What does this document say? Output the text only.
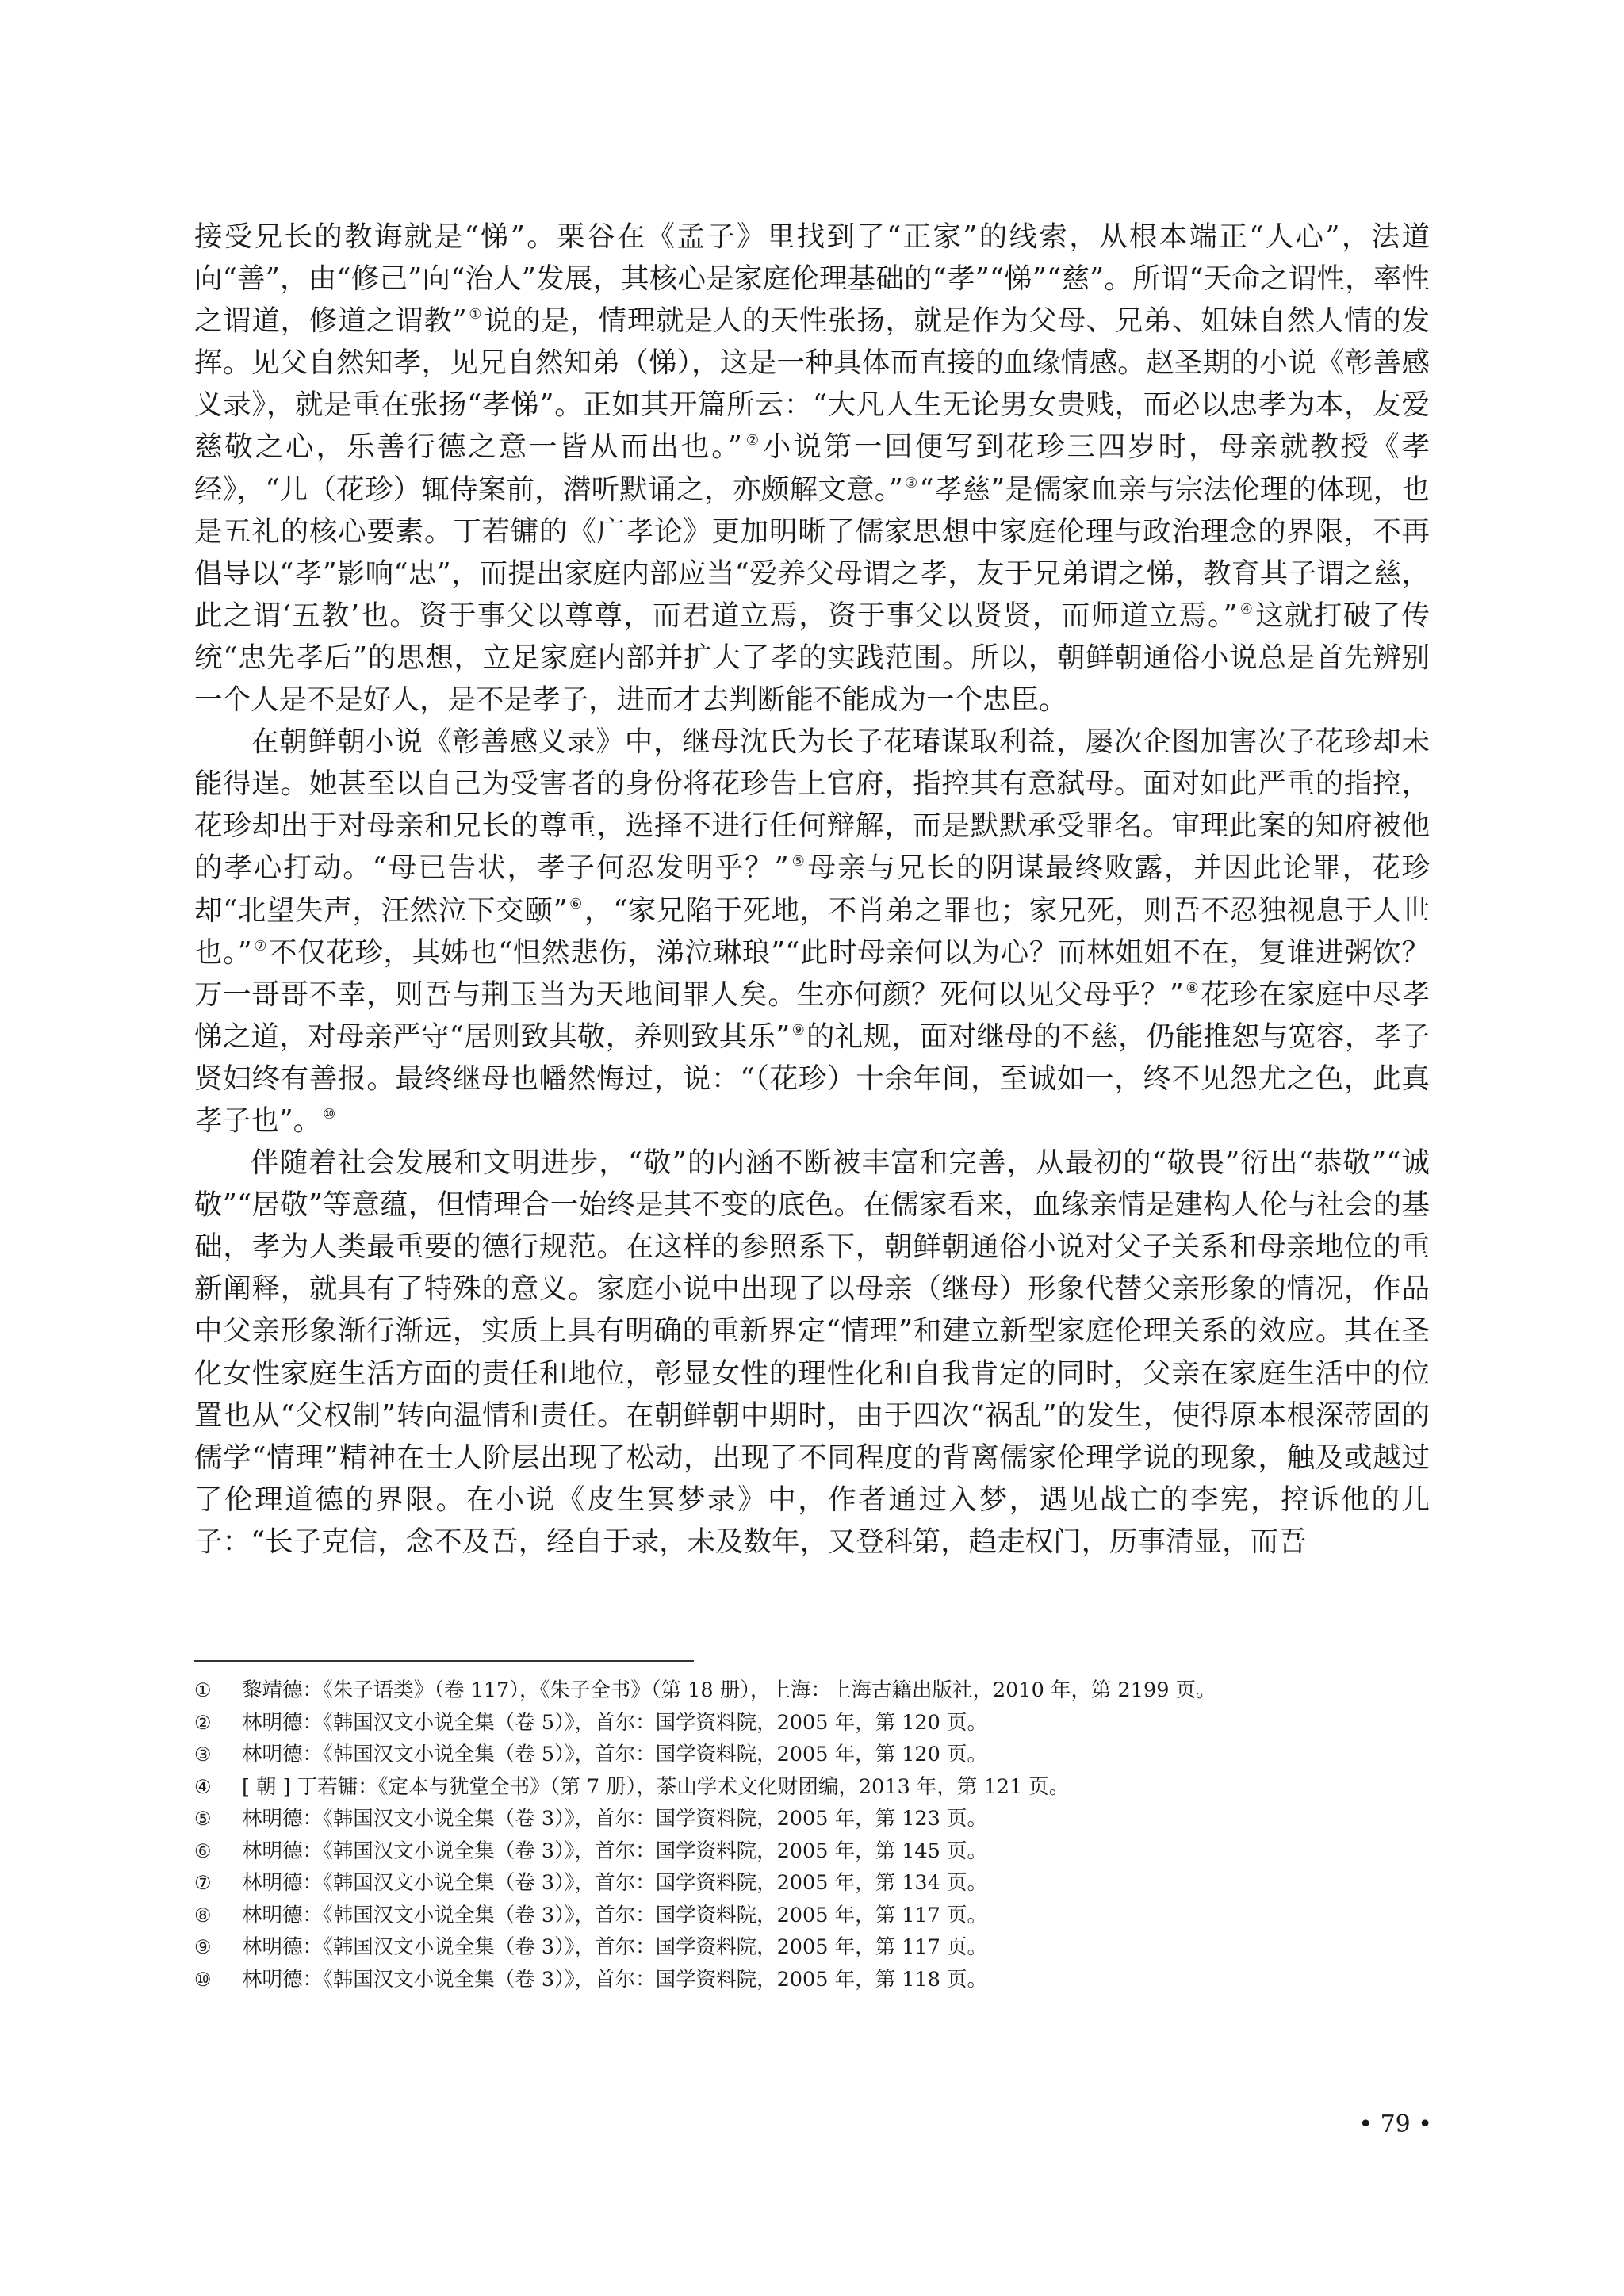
接受兄长的教诲就是“悌”。栗谷在《孟子》里找到了“正家”的线索，从根本端正“人心”，法道向“善”，由“修己”向“治人”发展，其核心是家庭伦理基础的“孝”“悌”“慈”。所谓“天命之谓性，率性之谓道，修道之谓教” ①说的是，情理就是人的天性张扬，就是作为父母、兄弟、姐妹自然人情的发挥。见父自然知孝，见兄自然知弟（悌），这是一种具体而直接的血缘情感。赵圣期的小说《彰善感义录》，就是重在张扬“孝悌”。正如其开篇所云：“大凡人生无论男女贵贱，而必以忠孝为本，友爱慈敬之心，乐善行德之意一皆从而出也。” ②小说第一回便写到花珍三四岁时，母亲就教授《孝经》，“儿（花珍）辄侍案前，潜听默诵之，亦颇解文意。” ③“孝慈”是儒家血亲与宗法伦理的体现，也是五礼的核心要素。丁若镛的《广孝论》更加明晰了儒家思想中家庭伦理与政治理念的界限，不再倡导以“孝”影响“忠”，而提出家庭内部应当“爱养父母谓之孝，友于兄弟谓之悌，教育其子谓之慈，此之谓‘五教’也。资于事父以尊尊，而君道立焉，资于事父以贤贤，而师道立焉。” ④这就打破了传统“忠先孝后”的思想，立足家庭内部并扩大了孝的实践范围。所以，朝鲜朝通俗小说总是首先辨别一个人是不是好人，是不是孝子，进而才去判断能不能成为一个忠臣。

在朝鲜朝小说《彰善感义录》中，继母沈氏为长子花瑃谋取利益，屡次企图加害次子花珍却未能得逞。她甚至以自己为受害者的身份将花珍告上官府，指控其有意弑母。面对如此严重的指控，花珍却出于对母亲和兄长的尊重，选择不进行任何辩解，而是默默承受罪名。审理此案的知府被他的孝心打动。“母已告状，孝子何忍发明乎？” ⑤母亲与兄长的阴谋最终败露，并因此论罪，花珍却“北望失声，汪然泣下交颐” ⑥，“家兄陷于死地，不肖弟之罪也；家兄死，则吾不忍独视息于人世也。” ⑦不仅花珍，其姊也“怛然悲伤，涕泣琳琅”“此时母亲何以为心？而林姐姐不在，复谁进粥饮？万一哥哥不幸，则吾与荆玉当为天地间罪人矣。生亦何颜？死何以见父母乎？” ⑧花珍在家庭中尽孝悌之道，对母亲严守“居则致其敬，养则致其乐” ⑨的礼规，面对继母的不慈，仍能推恕与宽容，孝子贤妇终有善报。最终继母也幡然悔过，说：“（花珍）十余年间，至诚如一，终不见怨尤之色，此真孝子也”。 ⑩

伴随着社会发展和文明进步，“敬”的内涵不断被丰富和完善，从最初的“敬畏”衍出“恭敬”“诚敬”“居敬”等意蕴，但情理合一始终是其不变的底色。在儒家看来，血缘亲情是建构人伦与社会的基础，孝为人类最重要的德行规范。在这样的参照系下，朝鲜朝通俗小说对父子关系和母亲地位的重新阐释，就具有了特殊的意义。家庭小说中出现了以母亲（继母）形象代替父亲形象的情况，作品中父亲形象渐行渐远，实质上具有明确的重新界定“情理”和建立新型家庭伦理关系的效应。其在圣化女性家庭生活方面的责任和地位，彰显女性的理性化和自我肯定的同时，父亲在家庭生活中的位置也从“父权制”转向温情和责任。在朝鲜朝中期时，由于四次“祸乱”的发生，使得原本根深蒂固的儒学“情理”精神在士人阶层出现了松动，出现了不同程度的背离儒家伦理学说的现象，触及或越过了伦理道德的界限。在小说《皮生冥梦录》中，作者通过入梦，遇见战亡的李宪，控诉他的儿子：“长子克信，念不及吾，经自于录，未及数年，又登科第，趋走权门，历事清显，而吾

①	黎靖德：《朱子语类》（卷 117），《朱子全书》（第 18 册），上海：上海古籍出版社，2010 年，第 2199 页。
②	林明德：《韩国汉文小说全集（卷 5）》，首尔：国学资料院，2005 年，第 120 页。
③	林明德：《韩国汉文小说全集（卷 5）》，首尔：国学资料院，2005 年，第 120 页。
④	[ 朝 ] 丁若镛：《定本与犹堂全书》（第 7 册），茶山学术文化财团编，2013 年，第 121 页。
⑤	林明德：《韩国汉文小说全集（卷 3）》，首尔：国学资料院，2005 年，第 123 页。
⑥	林明德：《韩国汉文小说全集（卷 3）》，首尔：国学资料院，2005 年，第 145 页。
⑦	林明德：《韩国汉文小说全集（卷 3）》，首尔：国学资料院，2005 年，第 134 页。
⑧	林明德：《韩国汉文小说全集（卷 3）》，首尔：国学资料院，2005 年，第 117 页。
⑨	林明德：《韩国汉文小说全集（卷 3）》，首尔：国学资料院，2005 年，第 117 页。
⑩	林明德：《韩国汉文小说全集（卷 3）》，首尔：国学资料院，2005 年，第 118 页。
• 79 •
